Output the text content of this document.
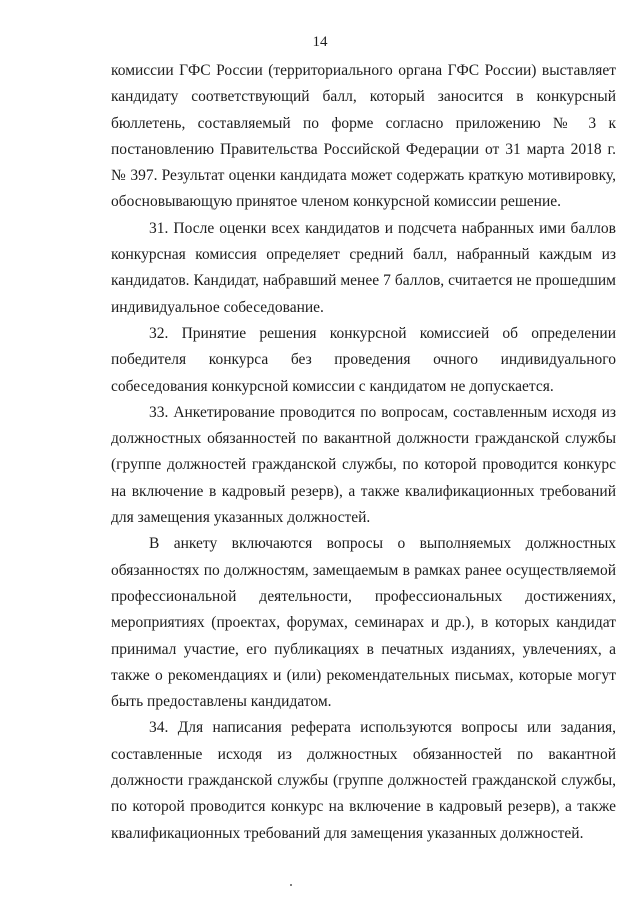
14

комиссии ГФС России (территориального органа ГФС России) выставляет кандидату соответствующий балл, который заносится в конкурсный бюллетень, составляемый по форме согласно приложению № 3 к постановлению Правительства Российской Федерации от 31 марта 2018 г. № 397. Результат оценки кандидата может содержать краткую мотивировку, обосновывающую принятое членом конкурсной комиссии решение.

31. После оценки всех кандидатов и подсчета набранных ими баллов конкурсная комиссия определяет средний балл, набранный каждым из кандидатов. Кандидат, набравший менее 7 баллов, считается не прошедшим индивидуальное собеседование.

32. Принятие решения конкурсной комиссией об определении победителя конкурса без проведения очного индивидуального собеседования конкурсной комиссии с кандидатом не допускается.

33. Анкетирование проводится по вопросам, составленным исходя из должностных обязанностей по вакантной должности гражданской службы (группе должностей гражданской службы, по которой проводится конкурс на включение в кадровый резерв), а также квалификационных требований для замещения указанных должностей.

В анкету включаются вопросы о выполняемых должностных обязанностях по должностям, замещаемым в рамках ранее осуществляемой профессиональной деятельности, профессиональных достижениях, мероприятиях (проектах, форумах, семинарах и др.), в которых кандидат принимал участие, его публикациях в печатных изданиях, увлечениях, а также о рекомендациях и (или) рекомендательных письмах, которые могут быть предоставлены кандидатом.

34. Для написания реферата используются вопросы или задания, составленные исходя из должностных обязанностей по вакантной должности гражданской службы (группе должностей гражданской службы, по которой проводится конкурс на включение в кадровый резерв), а также квалификационных требований для замещения указанных должностей.
